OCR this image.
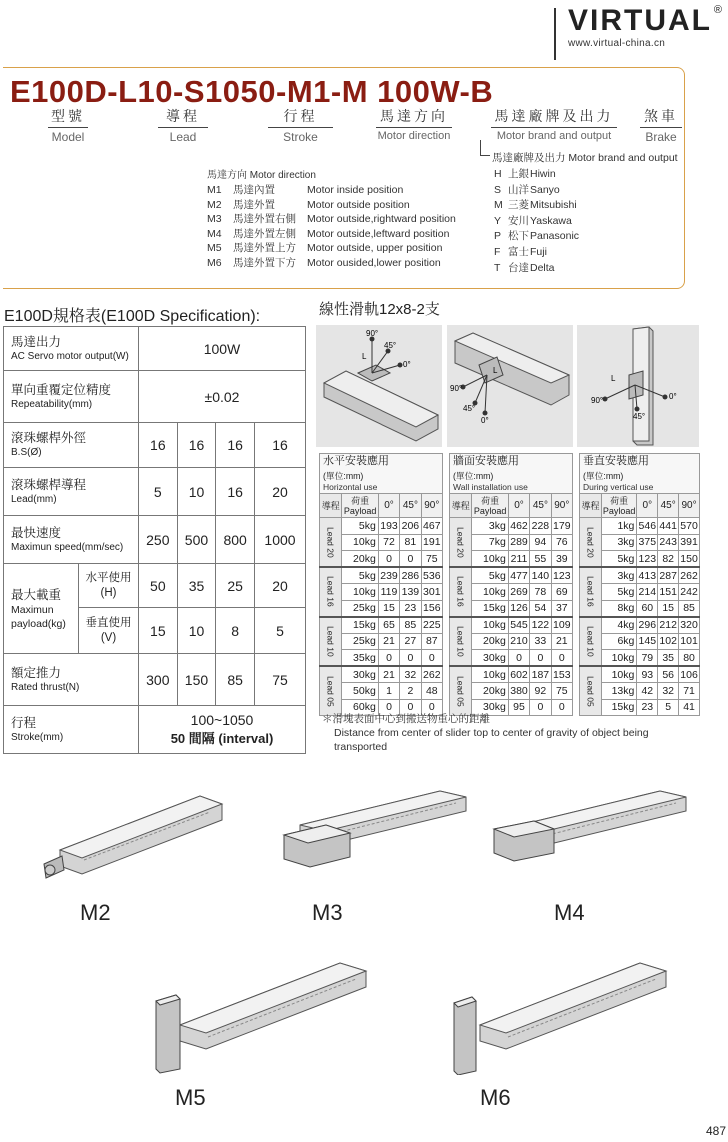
VIRTUAL ®
www.virtual-china.cn
E100D-L10-S1050-M1-M 100W-B
型號
Model
導程
Lead
行程
Stroke
馬達方向
Motor direction
馬達廠牌及出力
Motor brand and output
煞車
Brake
馬達方向 Motor direction
M1	馬達內置	Motor inside position
M2	馬達外置	Motor outside position
M3	馬達外置右側	Motor outside,rightward position
M4	馬達外置左側	Motor outside,leftward position
M5	馬達外置上方	Motor outside, upper position
M6	馬達外置下方	Motor ousided,lower position
馬達廠牌及出力 Motor brand and output
H 上銀 Hiwin
S 山洋 Sanyo
M 三菱 Mitsubishi
Y 安川 Yaskawa
P 松下 Panasonic
F 富士 Fuji
T 台達 Delta
E100D規格表(E100D Specification):
馬達出力
AC Servo motor output(W)		100W			

單向重覆定位精度
Repeatability(mm)		±0.02			

滾珠螺桿外徑
B.S(Ø)		16	16	16	16

滾珠螺桿導程
Lead(mm)		5	10	16	20

最快速度
Maximun speed(mm/sec)		250	500	800	1000

最大載重
Maximun
payload(kg)	水平使用
(H)	50	35	25	20

	垂直使用
(V)	15	10	8	5

額定推力
Rated thrust(N)		300	150	85	75

行程
Stroke(mm)		100~1050
50 間隔 (interval)			
線性滑軌12x8-2支
90°
45°
0°
L
90°
45°
0°
L
90°
45°
0°
L
水平安裝應用
(單位:mm)
Horizontal use				

導程	荷重
Payload	0°	45°	90°
Lead 20	5kg	193	206	467
	10kg	72	81	191
	20kg	0	0	75
Lead 16	5kg	239	286	536
	10kg	119	139	301
	25kg	15	23	156
Lead 10	15kg	65	85	225
	25kg	21	27	87
	35kg	0	0	0
Lead 05	30kg	21	32	262
	50kg	1	2	48
	60kg	0	0	0
牆面安裝應用
(單位:mm)
Wall installation use				

導程	荷重
Payload	0°	45°	90°
Lead 20	3kg	462	228	179
	7kg	289	94	76
	10kg	211	55	39
Lead 16	5kg	477	140	123
	10kg	269	78	69
	15kg	126	54	37
Lead 10	10kg	545	122	109
	20kg	210	33	21
	30kg	0	0	0
Lead 05	10kg	602	187	153
	20kg	380	92	75
	30kg	95	0	0
垂直安裝應用
(單位:mm)
During vertical use				

導程	荷重
Payload	0°	45°	90°
Lead 20	1kg	546	441	570
	3kg	375	243	391
	5kg	123	82	150
Lead 16	3kg	413	287	262
	5kg	214	151	242
	8kg	60	15	85
Lead 10	4kg	296	212	320
	6kg	145	102	101
	10kg	79	35	80
Lead 05	10kg	93	56	106
	13kg	42	32	71
	15kg	23	5	41
＊滑塊表面中心到搬送物重心的距離
Distance from center of slider top to center of gravity of object being transported
M2	M3	M4
M5	M6
487
